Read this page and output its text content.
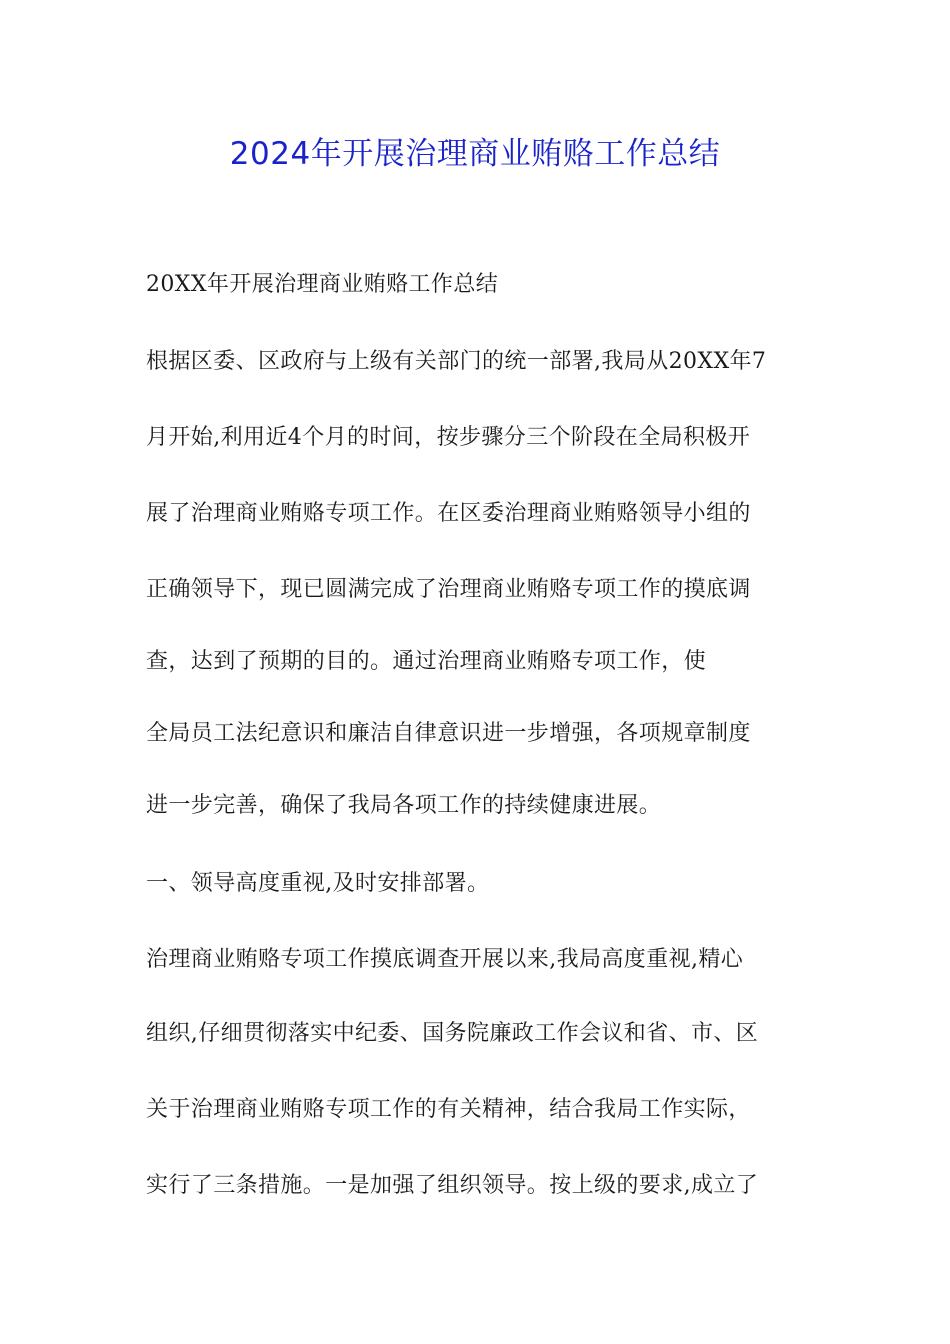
2024年开展治理商业贿赂工作总结
20XX年开展治理商业贿赂工作总结
根据区委、区政府与上级有关部门的统一部署,我局从20XX年7
月开始,利用近4个月的时间，按步骤分三个阶段在全局积极开
展了治理商业贿赂专项工作。在区委治理商业贿赂领导小组的
正确领导下，现已圆满完成了治理商业贿赂专项工作的摸底调
查，达到了预期的目的。通过治理商业贿赂专项工作，使
全局员工法纪意识和廉洁自律意识进一步增强，各项规章制度
进一步完善，确保了我局各项工作的持续健康进展。
一、领导高度重视,及时安排部署。
治理商业贿赂专项工作摸底调查开展以来,我局高度重视,精心
组织,仔细贯彻落实中纪委、国务院廉政工作会议和省、市、区
关于治理商业贿赂专项工作的有关精神，结合我局工作实际，
实行了三条措施。一是加强了组织领导。按上级的要求,成立了
